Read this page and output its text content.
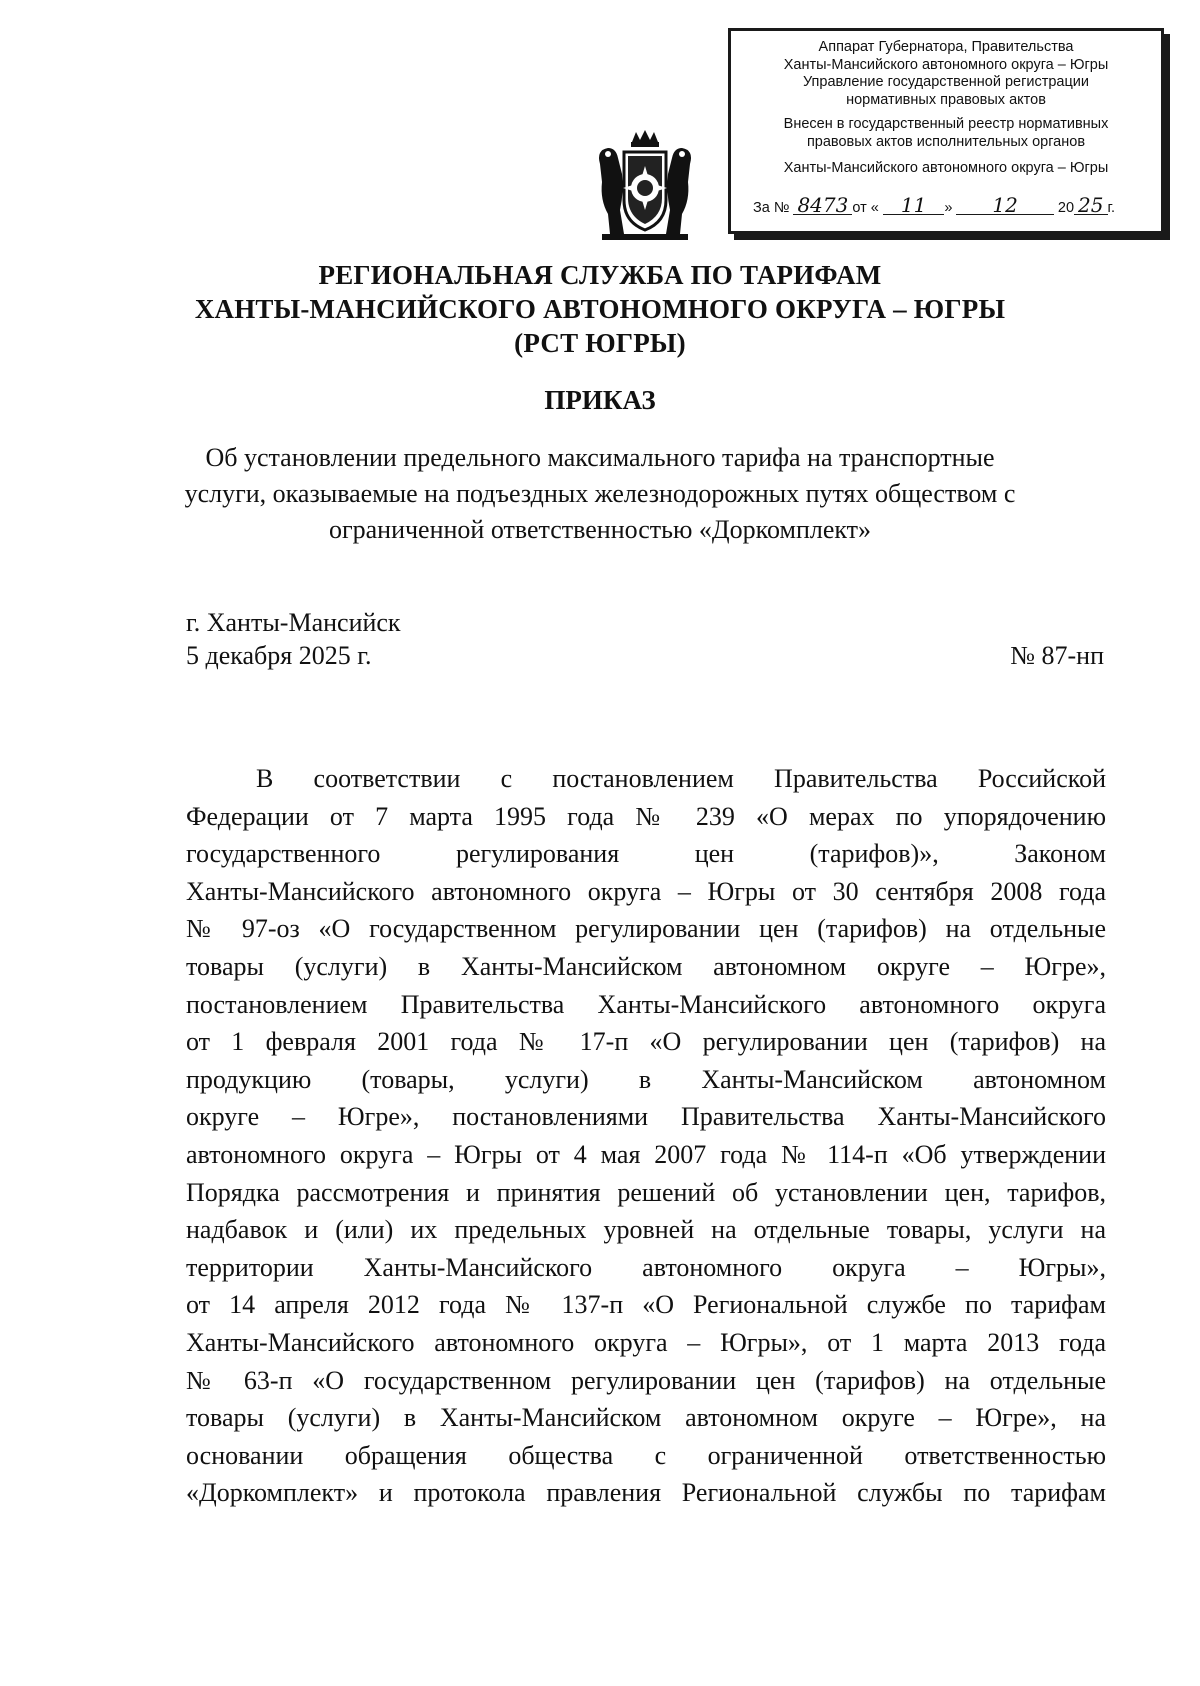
Аппарат Губернатора, Правительства
Ханты-Мансийского автономного округа – Югры
Управление государственной регистрации
нормативных правовых актов
Внесен в государственный реестр нормативных
правовых актов исполнительных органов
Ханты-Мансийского автономного округа – Югры
За № 8473 от « 11 » 12	20 25 г.
РЕГИОНАЛЬНАЯ СЛУЖБА ПО ТАРИФАМ
ХАНТЫ-МАНСИЙСКОГО АВТОНОМНОГО ОКРУГА – ЮГРЫ
(РСТ ЮГРЫ)
ПРИКАЗ
Об установлении предельного максимального тарифа на транспортные
услуги, оказываемые на подъездных железнодорожных путях обществом с
ограниченной ответственностью «Доркомплект»
г. Ханты-Мансийск
5 декабря 2025 г.	№ 87-нп
В соответствии с постановлением Правительства Российской
Федерации от 7 марта 1995 года № 239 «О мерах по упорядочению
государственного регулирования цен (тарифов)», Законом
Ханты-Мансийского автономного округа – Югры от 30 сентября 2008 года
№ 97-оз «О государственном регулировании цен (тарифов) на отдельные
товары (услуги) в Ханты-Мансийском автономном округе – Югре»,
постановлением Правительства Ханты-Мансийского автономного округа
от 1 февраля 2001 года № 17-п «О регулировании цен (тарифов) на
продукцию (товары, услуги) в Ханты-Мансийском автономном
округе – Югре», постановлениями Правительства Ханты-Мансийского
автономного округа – Югры от 4 мая 2007 года № 114-п «Об утверждении
Порядка рассмотрения и принятия решений об установлении цен, тарифов,
надбавок и (или) их предельных уровней на отдельные товары, услуги на
территории Ханты-Мансийского автономного округа – Югры»,
от 14 апреля 2012 года № 137-п «О Региональной службе по тарифам
Ханты-Мансийского автономного округа – Югры», от 1 марта 2013 года
№ 63-п «О государственном регулировании цен (тарифов) на отдельные
товары (услуги) в Ханты-Мансийском автономном округе – Югре», на
основании обращения общества с ограниченной ответственностью
«Доркомплект» и протокола правления Региональной службы по тарифам
